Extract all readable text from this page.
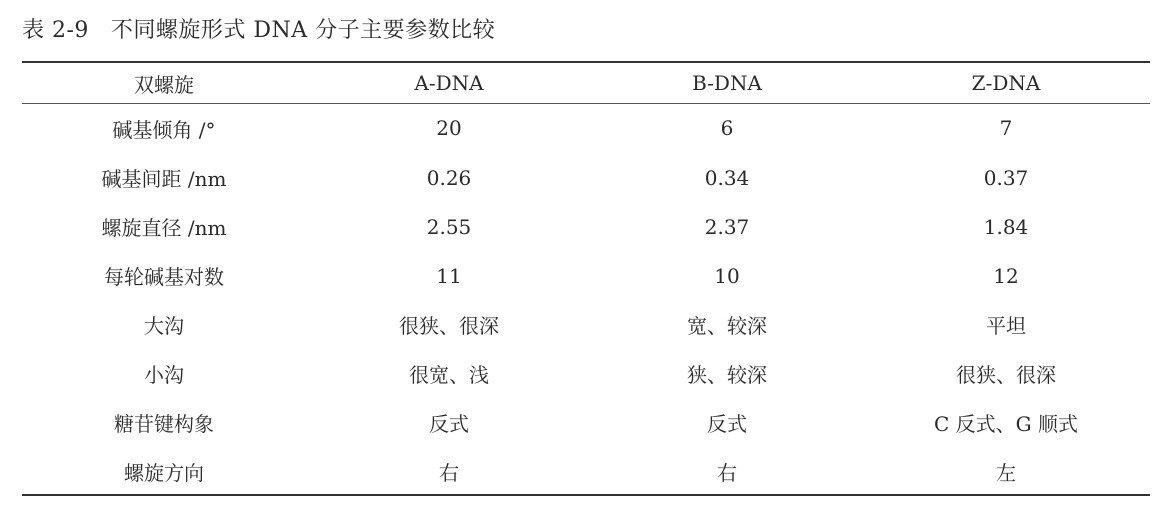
表 2-9 不同螺旋形式 DNA 分子主要参数比较
双螺旋	A-DNA	B-DNA	Z-DNA
碱基倾角 /°	20	6	7
碱基间距 /nm	0.26	0.34	0.37
螺旋直径 /nm	2.55	2.37	1.84
每轮碱基对数	11	10	12
大沟	很狭、很深	宽、较深	平坦
小沟	很宽、浅	狭、较深	很狭、很深
糖苷键构象	反式	反式	C 反式、G 顺式
螺旋方向	右	右	左
